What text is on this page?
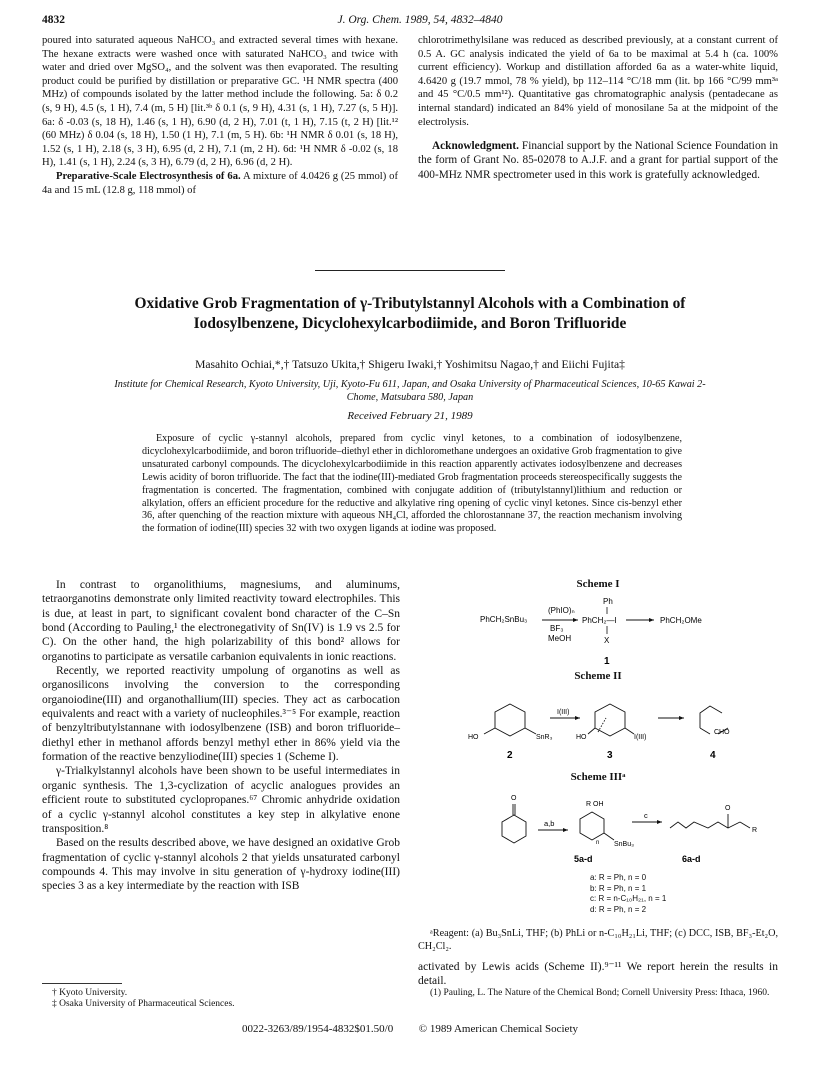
4832	J. Org. Chem. 1989, 54, 4832–4840

poured into saturated aqueous NaHCO₃ and extracted several times with hexane. The hexane extracts were washed once with saturated NaHCO₃ and twice with water and dried over MgSO₄, and the solvent was then evaporated. The resulting product could be purified by distillation or preparative GC. ¹H NMR spectra (400 MHz) of compounds isolated by the latter method include the following. 5a: δ 0.2 (s, 9 H), 4.5 (s, 1 H), 7.4 (m, 5 H) [lit.³ᵇ δ 0.1 (s, 9 H), 4.31 (s, 1 H), 7.27 (s, 5 H)]. 6a: δ -0.03 (s, 18 H), 1.46 (s, 1 H), 6.90 (d, 2 H), 7.01 (t, 1 H), 7.15 (t, 2 H) [lit.¹² (60 MHz) δ 0.04 (s, 18 H), 1.50 (1 H), 7.1 (m, 5 H). 6b: ¹H NMR δ 0.01 (s, 18 H), 1.52 (s, 1 H), 2.18 (s, 3 H), 6.95 (d, 2 H), 7.1 (m, 2 H). 6d: ¹H NMR δ -0.02 (s, 18 H), 1.41 (s, 1 H), 2.24 (s, 3 H), 6.79 (d, 2 H), 6.96 (d, 2 H).

Preparative-Scale Electrosynthesis of 6a. A mixture of 4.0426 g (25 mmol) of 4a and 15 mL (12.8 g, 118 mmol) of

chlorotrimethylsilane was reduced as described previously, at a constant current of 0.5 A. GC analysis indicated the yield of 6a to be maximal at 5.4 h (ca. 100% current efficiency). Workup and distillation afforded 6a as a water-white liquid, 4.6420 g (19.7 mmol, 78 % yield), bp 112–114 °C/18 mm (lit. bp 166 °C/99 mm³ᵃ and 45 °C/0.5 mm¹²). Quantitative gas chromatographic analysis (pentadecane as internal standard) indicated an 84% yield of monosilane 5a at the midpoint of the electrolysis.

Acknowledgment. Financial support by the National Science Foundation in the form of Grant No. 85-02078 to A.J.F. and a grant for partial support of the 400-MHz NMR spectrometer used in this work is gratefully acknowledged.

Oxidative Grob Fragmentation of γ-Tributylstannyl Alcohols with a Combination of Iodosylbenzene, Dicyclohexylcarbodiimide, and Boron Trifluoride
Masahito Ochiai,*,† Tatsuzo Ukita,† Shigeru Iwaki,† Yoshimitsu Nagao,† and Eiichi Fujita‡
Institute for Chemical Research, Kyoto University, Uji, Kyoto-Fu 611, Japan, and Osaka University of Pharmaceutical Sciences, 10-65 Kawai 2-Chome, Matsubara 580, Japan
Received February 21, 1989
Exposure of cyclic γ-stannyl alcohols, prepared from cyclic vinyl ketones, to a combination of iodosylbenzene, dicyclohexylcarbodiimide, and boron trifluoride–diethyl ether in dichloromethane undergoes an oxidative Grob fragmentation to give unsaturated carbonyl compounds. The dicyclohexylcarbodiimide in this reaction apparently activates iodosylbenzene and decreases Lewis acidity of boron trifluoride. The fact that the iodine(III)-mediated Grob fragmentation proceeds stereospecifically suggests the fragmentation is concerted. The fragmentation, combined with conjugate addition of (tributylstannyl)lithium and reduction or alkylation, offers an efficient procedure for the reductive and alkylative ring opening of cyclic vinyl ketones. Since cis-benzyl ether 36, after quenching of the reaction mixture with aqueous NH₄Cl, afforded the chlorostannane 37, the reaction mechanism involving the formation of iodine(III) species 32 with two oxygen ligands at iodine was proposed.

In contrast to organolithiums, magnesiums, and aluminums, tetraorganotins demonstrate only limited reactivity toward electrophiles. This is due, at least in part, to significant covalent bond character of the C–Sn bond (According to Pauling,¹ the electronegativity of Sn(IV) is 1.9 vs 2.5 for C). On the other hand, the high polarizability of this bond² allows for organotins to participate as versatile carbanion equivalents in ionic reactions.

Recently, we reported reactivity umpolung of organotins as well as organosilicons involving the conversion to the corresponding organoiodine(III) and organothallium(III) species. They act as carbocation equivalents and react with a variety of nucleophiles.³⁻⁵ For example, reaction of benzyltributylstannane with iodosylbenzene (ISB) and boron trifluoride–diethyl ether in methanol affords benzyl methyl ether in 86% yield via the formation of the reactive benzyliodine(III) species 1 (Scheme I).

γ-Trialkylstannyl alcohols have been shown to be useful intermediates in organic synthesis. The 1,3-cyclization of acyclic analogues provides an efficient route to substituted cyclopropanes.⁶⁷ Chromic anhydride oxidation of a cyclic γ-stannyl alcohol constitutes a key step in alkylative enone transposition.⁸

Based on the results described above, we have designed an oxidative Grob fragmentation of cyclic γ-stannyl alcohols 2 that yields unsaturated carbonyl compounds 4. This may involve in situ generation of γ-hydroxy iodine(III) species 3 as a key intermediate by the reaction with ISB

Scheme I
PhCH₂SnBu₃
(PhIO)ₙ
BF₃
MeOH
Ph
PhCH₂—I
X
PhCH₂OMe
1
I(III)
HO	SnR₃	HO	I(III)
CHO
2	3	4
O
a,b
R OH
SnBu₃
n
c
O
R
5a-d	6a-d
Scheme II
Scheme IIIᵃ
a: R = Ph, n = 0
b: R = Ph, n = 1
c: R = n-C₁₀H₂₁, n = 1
d: R = Ph, n = 2
ᵃReagent: (a) Bu₃SnLi, THF; (b) PhLi or n-C₁₀H₂₁Li, THF; (c) DCC, ISB, BF₃-Et₂O, CH₂Cl₂.
activated by Lewis acids (Scheme II).⁹⁻¹¹ We report herein the results in detail.
† Kyoto University.
‡ Osaka University of Pharmaceutical Sciences.
(1) Pauling, L. The Nature of the Chemical Bond; Cornell University Press: Ithaca, 1960.
0022-3263/89/1954-4832$01.50/0 © 1989 American Chemical Society
